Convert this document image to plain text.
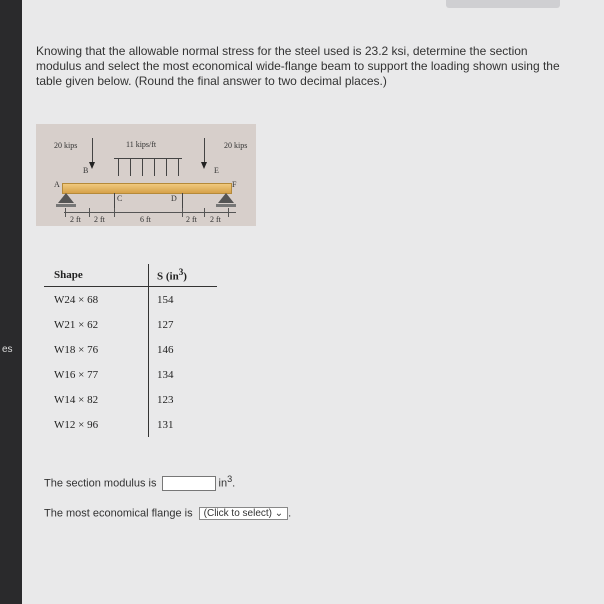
es
Knowing that the allowable normal stress for the steel used is 23.2 ksi, determine the section modulus and select the most economical wide-flange beam to support the loading shown using the table given below. (Round the final answer to two decimal places.)
20 kips	11 kips/ft	20 kips
B	E
A	F
C	D
2 ft 2 ft	6 ft	2 ft 2 ft
Shape	S $(in^3)$
W24 × 68	154
W21 × 62	127
W18 × 76	146
W16 × 77	134
W14 × 82	123
W12 × 96	131
The section modulus is	$in^3$.
The most economical flange is (Click to select) ⌄ .
